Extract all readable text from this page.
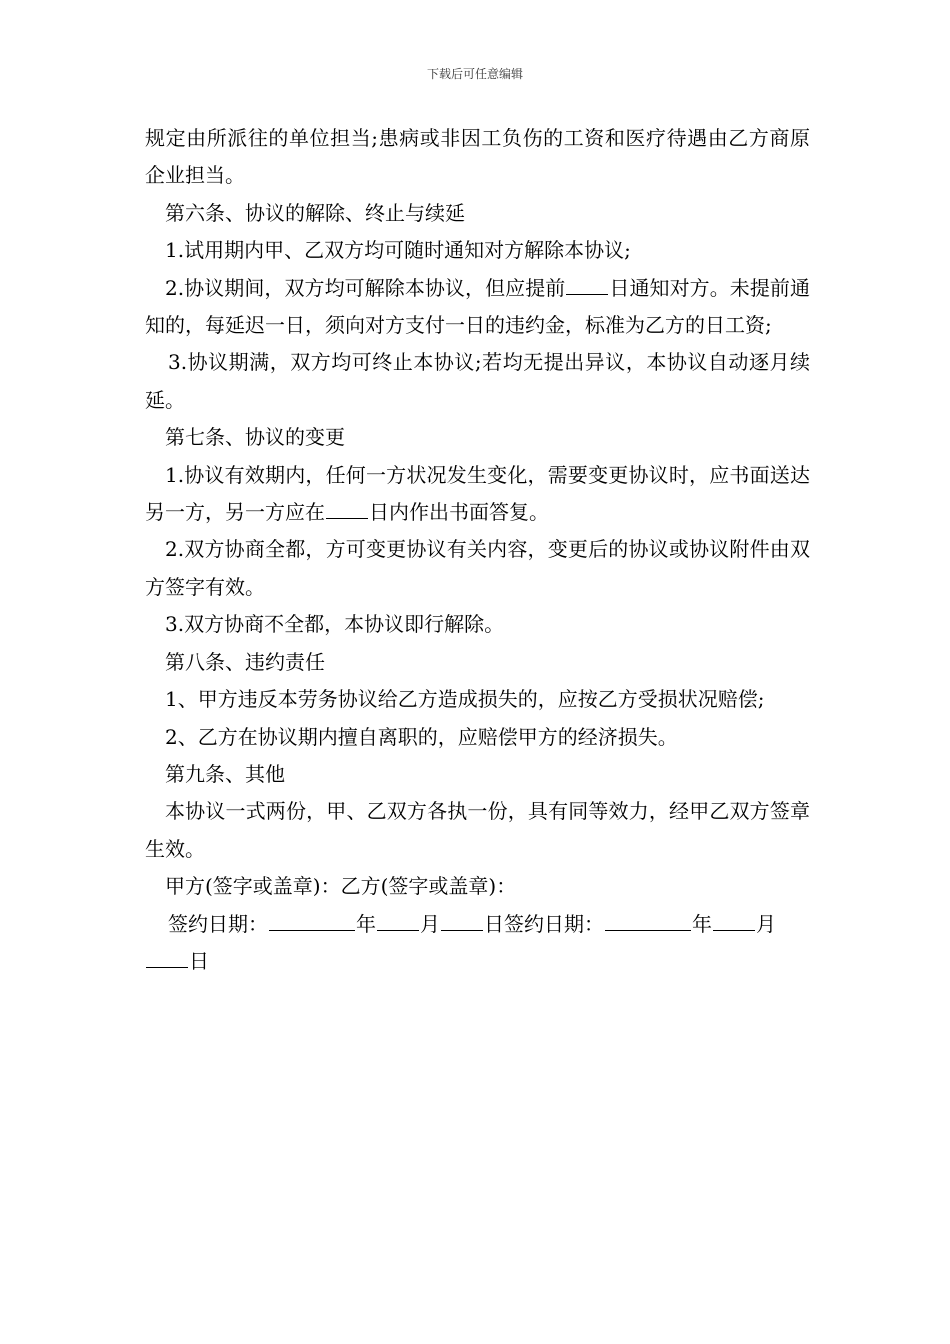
下载后可任意编辑

规定由所派往的单位担当;患病或非因工负伤的工资和医疗待遇由乙方商原企业担当。

第六条、协议的解除、终止与续延

1.试用期内甲、乙双方均可随时通知对方解除本协议;

2.协议期间，双方均可解除本协议，但应提前 日通知对方。未提前通知的，每延迟一日，须向对方支付一日的违约金，标准为乙方的日工资;

3.协议期满，双方均可终止本协议;若均无提出异议，本协议自动逐月续延。

第七条、协议的变更

1.协议有效期内，任何一方状况发生变化，需要变更协议时，应书面送达另一方，另一方应在 日内作出书面答复。

2.双方协商全都，方可变更协议有关内容，变更后的协议或协议附件由双方签字有效。

3.双方协商不全都，本协议即行解除。

第八条、违约责任

1、甲方违反本劳务协议给乙方造成损失的，应按乙方受损状况赔偿;

2、乙方在协议期内擅自离职的，应赔偿甲方的经济损失。

第九条、其他

本协议一式两份，甲、乙双方各执一份，具有同等效力，经甲乙双方签章生效。

甲方(签字或盖章)：乙方(签字或盖章)：

签约日期：	年 月 日签约日期：	年 月日
